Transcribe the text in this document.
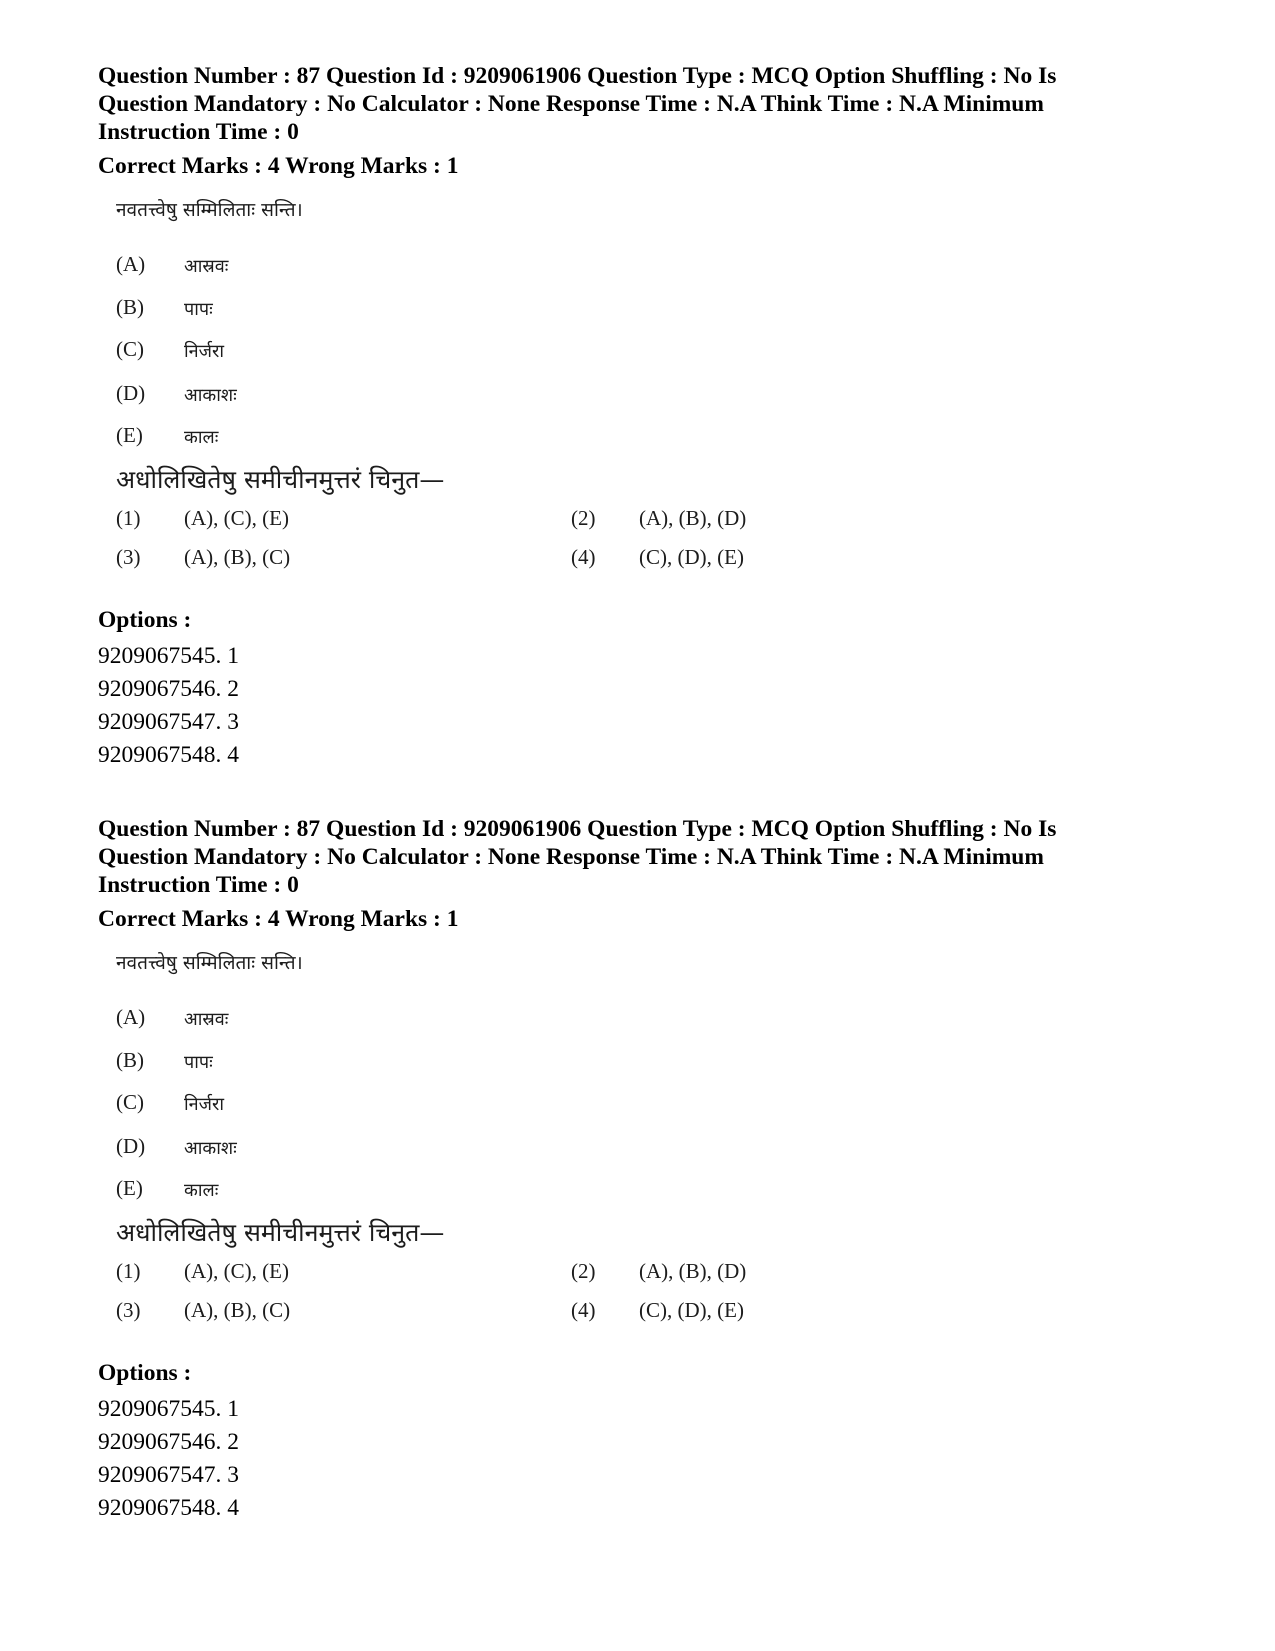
Question Number : 87 Question Id : 9209061906 Question Type : MCQ Option Shuffling : No Is
Question Mandatory : No Calculator : None Response Time : N.A Think Time : N.A Minimum
Instruction Time : 0

Correct Marks : 4 Wrong Marks : 1

नवतत्त्वेषु सम्मिलिताः सन्ति।
(A) आस्रवः
(B) पापः
(C) निर्जरा
(D) आकाशः
(E) कालः
अधोलिखितेषु समीचीनमुत्तरं चिनुत—
(1) (A), (C), (E)	(2) (A), (B), (D)
(3) (A), (B), (C)	(4) (C), (D), (E)

Options :

9209067545. 1

9209067546. 2

9209067547. 3

9209067548. 4

Question Number : 87 Question Id : 9209061906 Question Type : MCQ Option Shuffling : No Is
Question Mandatory : No Calculator : None Response Time : N.A Think Time : N.A Minimum
Instruction Time : 0

Correct Marks : 4 Wrong Marks : 1

नवतत्त्वेषु सम्मिलिताः सन्ति।
(A) आस्रवः
(B) पापः
(C) निर्जरा
(D) आकाशः
(E) कालः
अधोलिखितेषु समीचीनमुत्तरं चिनुत—
(1) (A), (C), (E)	(2) (A), (B), (D)
(3) (A), (B), (C)	(4) (C), (D), (E)

Options :

9209067545. 1

9209067546. 2

9209067547. 3

9209067548. 4
